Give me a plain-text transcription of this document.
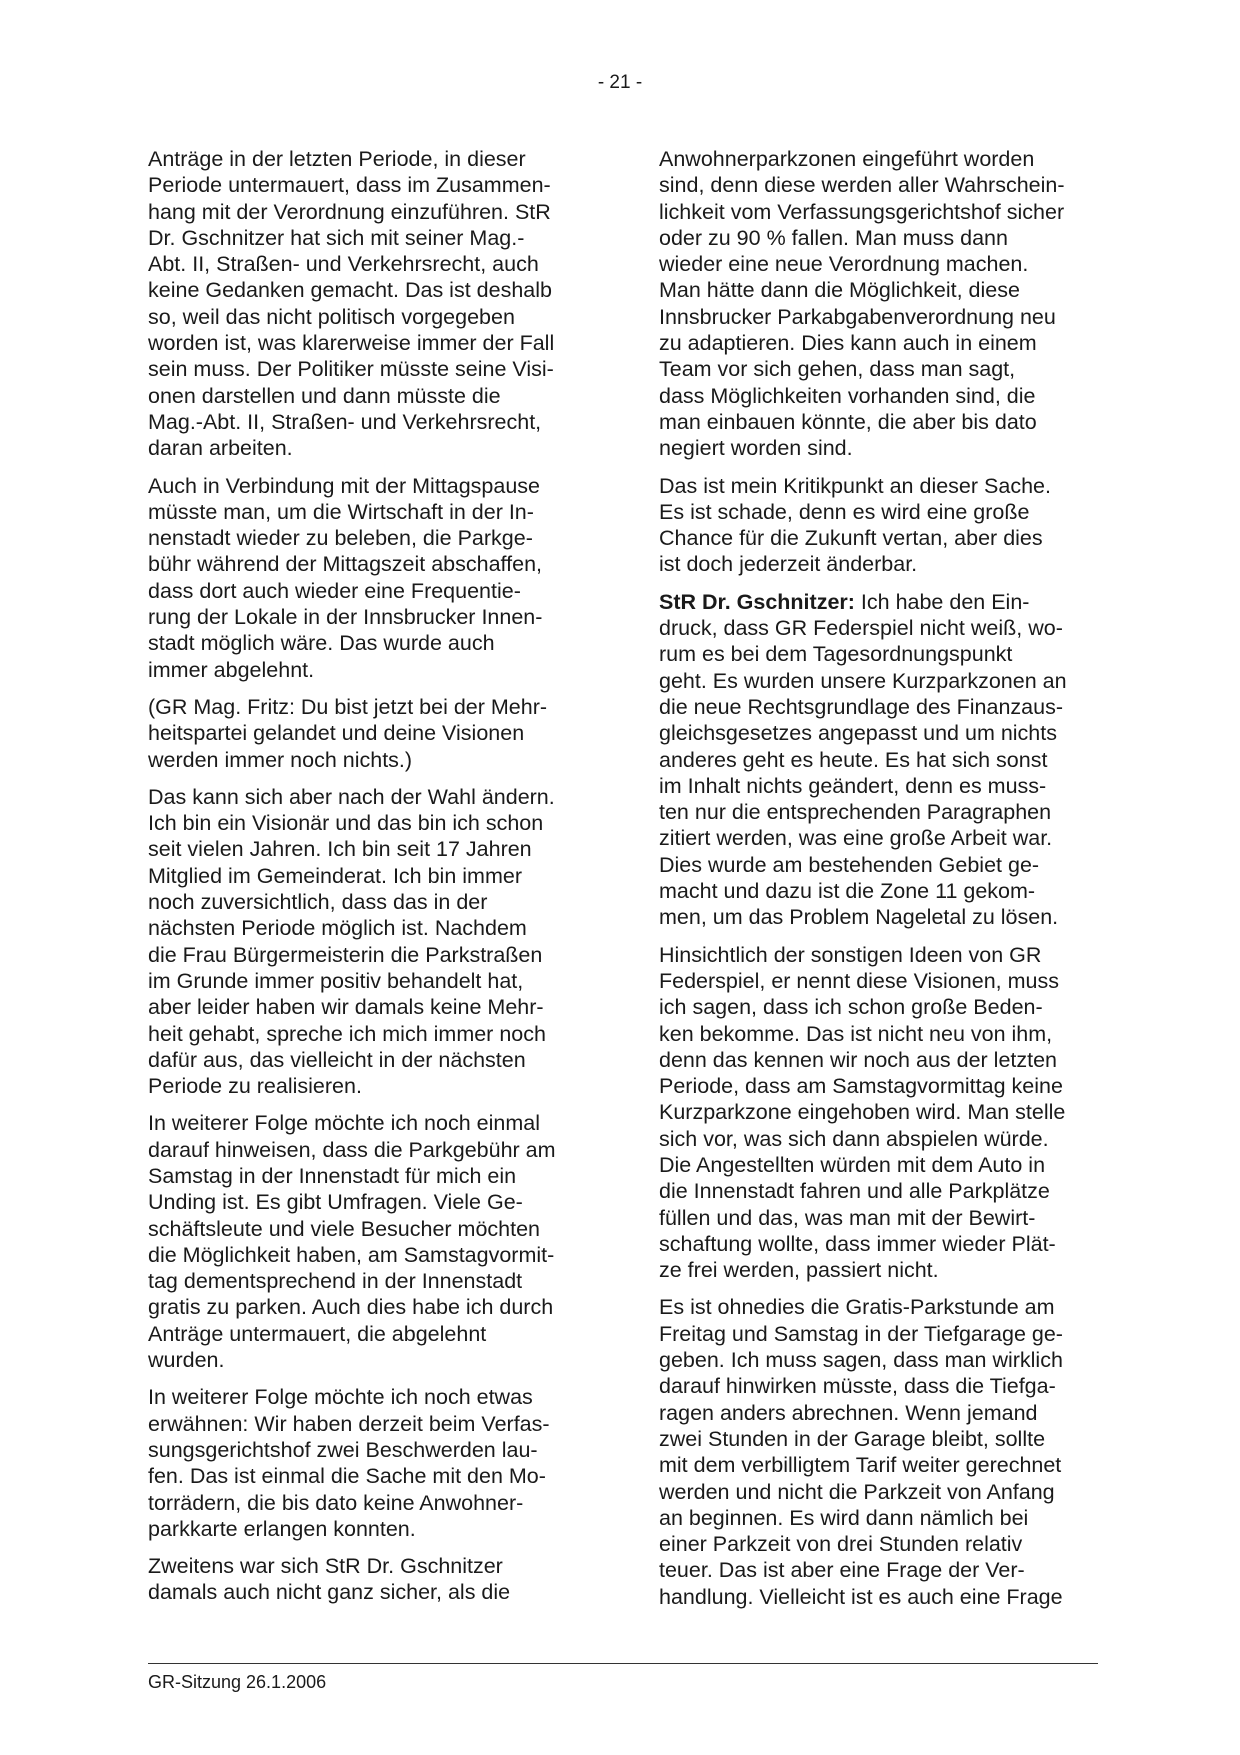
- 21 -

Anträge in der letzten Periode, in dieser
Periode untermauert, dass im Zusammen-
hang mit der Verordnung einzuführen. StR
Dr. Gschnitzer hat sich mit seiner Mag.-
Abt. II, Straßen- und Verkehrsrecht, auch
keine Gedanken gemacht. Das ist deshalb
so, weil das nicht politisch vorgegeben
worden ist, was klarerweise immer der Fall
sein muss. Der Politiker müsste seine Visi-
onen darstellen und dann müsste die
Mag.-Abt. II, Straßen- und Verkehrsrecht,
daran arbeiten.

Auch in Verbindung mit der Mittagspause
müsste man, um die Wirtschaft in der In-
nenstadt wieder zu beleben, die Parkge-
bühr während der Mittagszeit abschaffen,
dass dort auch wieder eine Frequentie-
rung der Lokale in der Innsbrucker Innen-
stadt möglich wäre. Das wurde auch
immer abgelehnt.

(GR Mag. Fritz: Du bist jetzt bei der Mehr-
heitspartei gelandet und deine Visionen
werden immer noch nichts.)

Das kann sich aber nach der Wahl ändern.
Ich bin ein Visionär und das bin ich schon
seit vielen Jahren. Ich bin seit 17 Jahren
Mitglied im Gemeinderat. Ich bin immer
noch zuversichtlich, dass das in der
nächsten Periode möglich ist. Nachdem
die Frau Bürgermeisterin die Parkstraßen
im Grunde immer positiv behandelt hat,
aber leider haben wir damals keine Mehr-
heit gehabt, spreche ich mich immer noch
dafür aus, das vielleicht in der nächsten
Periode zu realisieren.

In weiterer Folge möchte ich noch einmal
darauf hinweisen, dass die Parkgebühr am
Samstag in der Innenstadt für mich ein
Unding ist. Es gibt Umfragen. Viele Ge-
schäftsleute und viele Besucher möchten
die Möglichkeit haben, am Samstagvormit-
tag dementsprechend in der Innenstadt
gratis zu parken. Auch dies habe ich durch
Anträge untermauert, die abgelehnt
wurden.

In weiterer Folge möchte ich noch etwas
erwähnen: Wir haben derzeit beim Verfas-
sungsgerichtshof zwei Beschwerden lau-
fen. Das ist einmal die Sache mit den Mo-
torrädern, die bis dato keine Anwohner-
parkkarte erlangen konnten.

Zweitens war sich StR Dr. Gschnitzer
damals auch nicht ganz sicher, als die

Anwohnerparkzonen eingeführt worden
sind, denn diese werden aller Wahrschein-
lichkeit vom Verfassungsgerichtshof sicher
oder zu 90 % fallen. Man muss dann
wieder eine neue Verordnung machen.
Man hätte dann die Möglichkeit, diese
Innsbrucker Parkabgabenverordnung neu
zu adaptieren. Dies kann auch in einem
Team vor sich gehen, dass man sagt,
dass Möglichkeiten vorhanden sind, die
man einbauen könnte, die aber bis dato
negiert worden sind.

Das ist mein Kritikpunkt an dieser Sache.
Es ist schade, denn es wird eine große
Chance für die Zukunft vertan, aber dies
ist doch jederzeit änderbar.

StR Dr. Gschnitzer: Ich habe den Ein-
druck, dass GR Federspiel nicht weiß, wo-
rum es bei dem Tagesordnungspunkt
geht. Es wurden unsere Kurzparkzonen an
die neue Rechtsgrundlage des Finanzaus-
gleichsgesetzes angepasst und um nichts
anderes geht es heute. Es hat sich sonst
im Inhalt nichts geändert, denn es muss-
ten nur die entsprechenden Paragraphen
zitiert werden, was eine große Arbeit war.
Dies wurde am bestehenden Gebiet ge-
macht und dazu ist die Zone 11 gekom-
men, um das Problem Nageletal zu lösen.

Hinsichtlich der sonstigen Ideen von GR
Federspiel, er nennt diese Visionen, muss
ich sagen, dass ich schon große Beden-
ken bekomme. Das ist nicht neu von ihm,
denn das kennen wir noch aus der letzten
Periode, dass am Samstagvormittag keine
Kurzparkzone eingehoben wird. Man stelle
sich vor, was sich dann abspielen würde.
Die Angestellten würden mit dem Auto in
die Innenstadt fahren und alle Parkplätze
füllen und das, was man mit der Bewirt-
schaftung wollte, dass immer wieder Plät-
ze frei werden, passiert nicht.

Es ist ohnedies die Gratis-Parkstunde am
Freitag und Samstag in der Tiefgarage ge-
geben. Ich muss sagen, dass man wirklich
darauf hinwirken müsste, dass die Tiefga-
ragen anders abrechnen. Wenn jemand
zwei Stunden in der Garage bleibt, sollte
mit dem verbilligtem Tarif weiter gerechnet
werden und nicht die Parkzeit von Anfang
an beginnen. Es wird dann nämlich bei
einer Parkzeit von drei Stunden relativ
teuer. Das ist aber eine Frage der Ver-
handlung. Vielleicht ist es auch eine Frage

GR-Sitzung 26.1.2006
